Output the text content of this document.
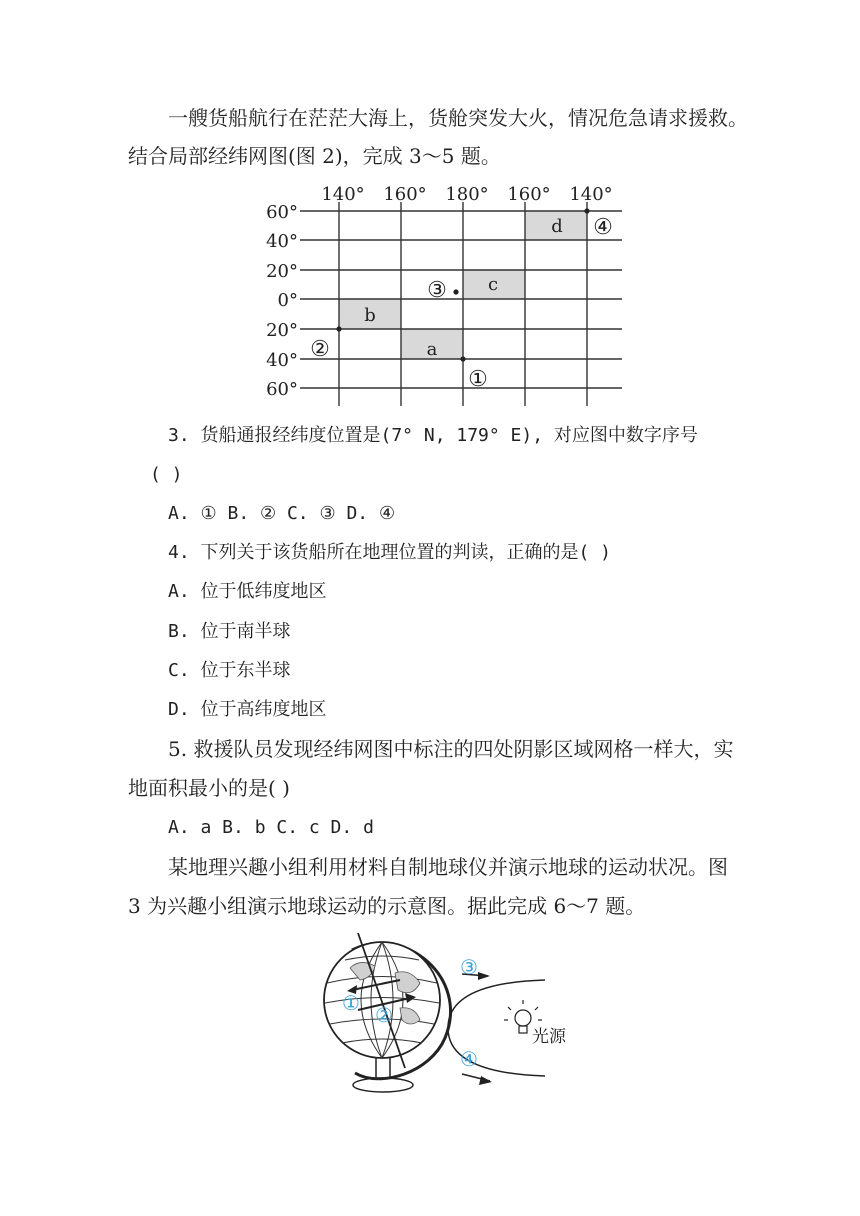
一艘货船航行在茫茫大海上，货舱突发大火，情况危急请求援救。
结合局部经纬网图(图 2)，完成 3～5 题。
140° 160° 180° 160° 140°
60°
40°
20°
0°
20°
40°
60°
d
c
b
a
①
②
③
④
3. 货船通报经纬度位置是(7° N, 179° E), 对应图中数字序号
( )
A. ① B. ② C. ③ D. ④
4. 下列关于该货船所在地理位置的判读，正确的是( )
A. 位于低纬度地区
B. 位于南半球
C. 位于东半球
D. 位于高纬度地区
5. 救援队员发现经纬网图中标注的四处阴影区域网格一样大，实
地面积最小的是( )
A. a B. b C. c D. d
某地理兴趣小组利用材料自制地球仪并演示地球的运动状况。图
3 为兴趣小组演示地球运动的示意图。据此完成 6～7 题。
① ②
③
④
光源
